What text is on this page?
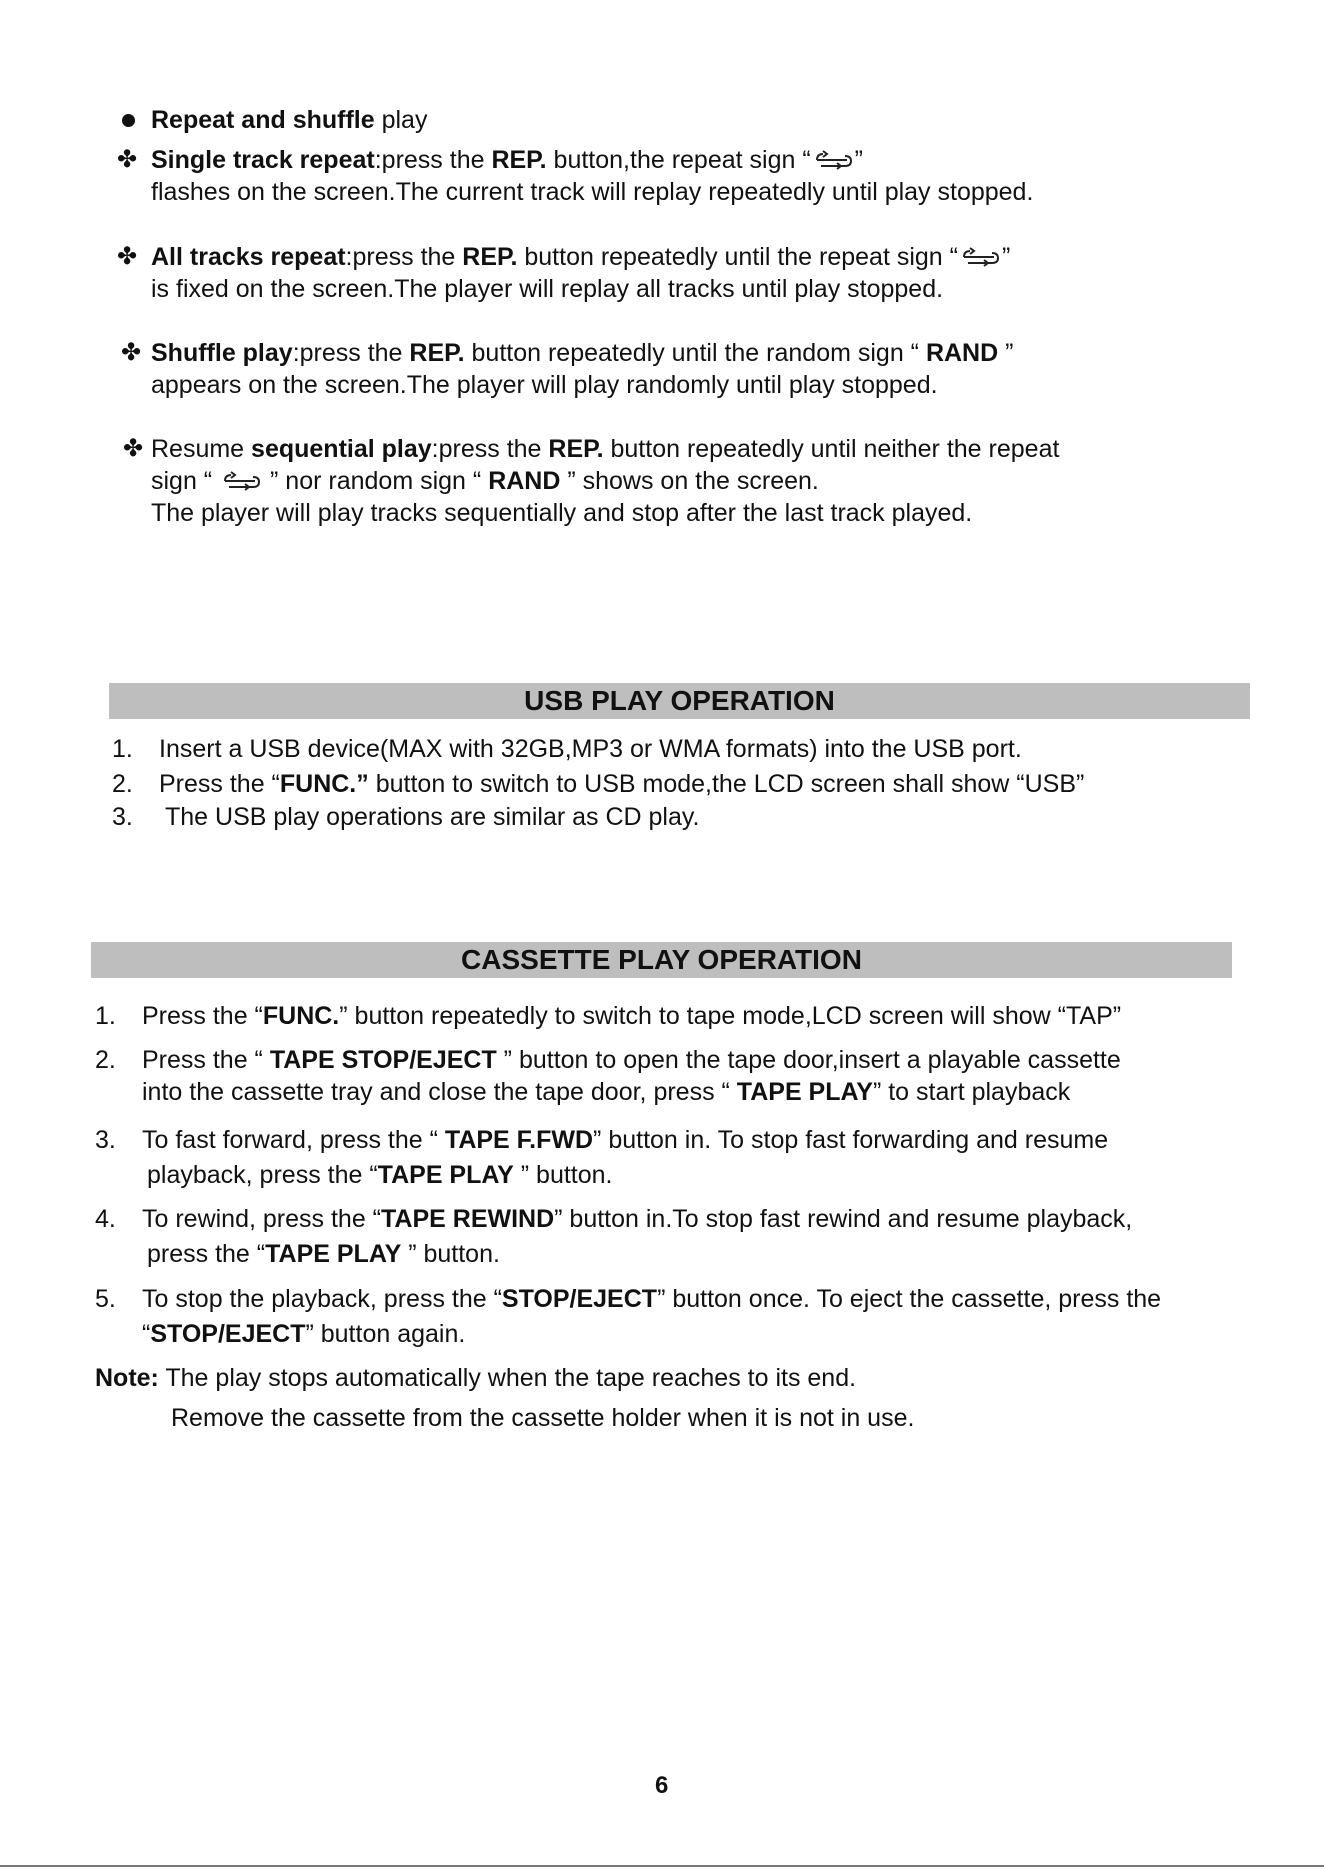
Repeat and shuffle play
✤ Single track repeat:press the REP. button,the repeat sign “ ”
flashes on the screen.The current track will replay repeatedly until play stopped.
✤ All tracks repeat:press the REP. button repeatedly until the repeat sign “ ”
is fixed on the screen.The player will replay all tracks until play stopped.
✤ Shuffle play:press the REP. button repeatedly until the random sign “ RAND ”
appears on the screen.The player will play randomly until play stopped.
✤ Resume sequential play:press the REP. button repeatedly until neither the repeat
sign “  ” nor random sign “ RAND ” shows on the screen.
The player will play tracks sequentially and stop after the last track played.
USB PLAY OPERATION
1. Insert a USB device(MAX with 32GB,MP3 or WMA formats) into the USB port.
2. Press the “FUNC.” button to switch to USB mode,the LCD screen shall show “USB”
3. The USB play operations are similar as CD play.
CASSETTE PLAY OPERATION
1. Press the “FUNC.” button repeatedly to switch to tape mode,LCD screen will show “TAP”
2. Press the “ TAPE STOP/EJECT ” button to open the tape door,insert a playable cassette
into the cassette tray and close the tape door, press “ TAPE PLAY” to start playback
3. To fast forward, press the “ TAPE F.FWD” button in. To stop fast forwarding and resume
playback, press the “TAPE PLAY ” button.
4. To rewind, press the “TAPE REWIND” button in.To stop fast rewind and resume playback,
press the “TAPE PLAY ” button.
5. To stop the playback, press the “STOP/EJECT” button once. To eject the cassette, press the
“STOP/EJECT” button again.
Note: The play stops automatically when the tape reaches to its end.
Remove the cassette from the cassette holder when it is not in use.
6
